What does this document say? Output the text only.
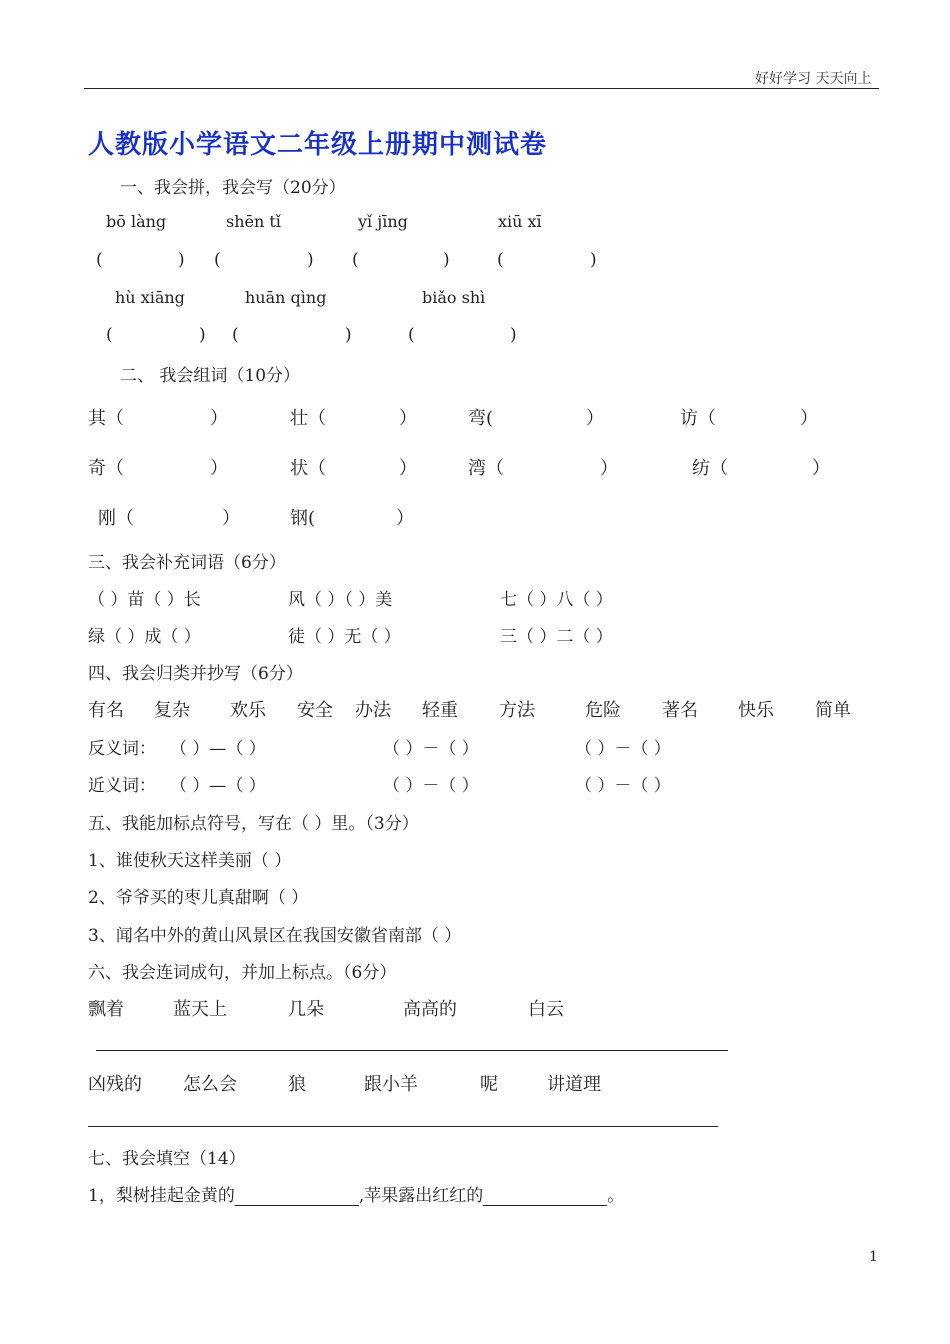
好好学习 天天向上
人教版小学语文二年级上册期中测试卷
一、我会拼，我会写（20分）
bō làng	shēn tǐ	yǐ jīng	xiū xī
(	) (	) (	)	(	)
hù xiāng	huān qìng	biǎo shì
(	) (	)	(	)
二、 我会组词（10分）
其（	）	壮（	）	弯(	）	访（	）
奇（	）	状（	）	湾（	）	纺（	）
刚（	）	钢(	）
三、我会补充词语（6分）
（ ）苗（ ）长	风（ ）（ ）美	七（ ）八（ ）
绿（ ）成（ ）	徒（ ）无（ ）	三（ ）二（ ）
四、我会归类并抄写（6分）
有名 复杂 欢乐 安全 办法 轻重 方法	危险 著名 快乐 简单
反义词： （ ）—（ ）	（ ）－（ ）	（ ）－（ ）
近义词： （ ）—（ ）	（ ）－（ ）	（ ）－（ ）
五、我能加标点符号，写在（ ）里。（3分）
1、谁使秋天这样美丽（ ）
2、爷爷买的枣儿真甜啊（ ）
3、闻名中外的黄山风景区在我国安徽省南部（ ）
六、我会连词成句，并加上标点。（6分）
飘着	蓝天上	几朵	高高的	白云
凶残的 怎么会	狼	跟小羊	呢	讲道理
七、我会填空（14）
1，梨树挂起金黄的	,苹果露出红红的	。
1
